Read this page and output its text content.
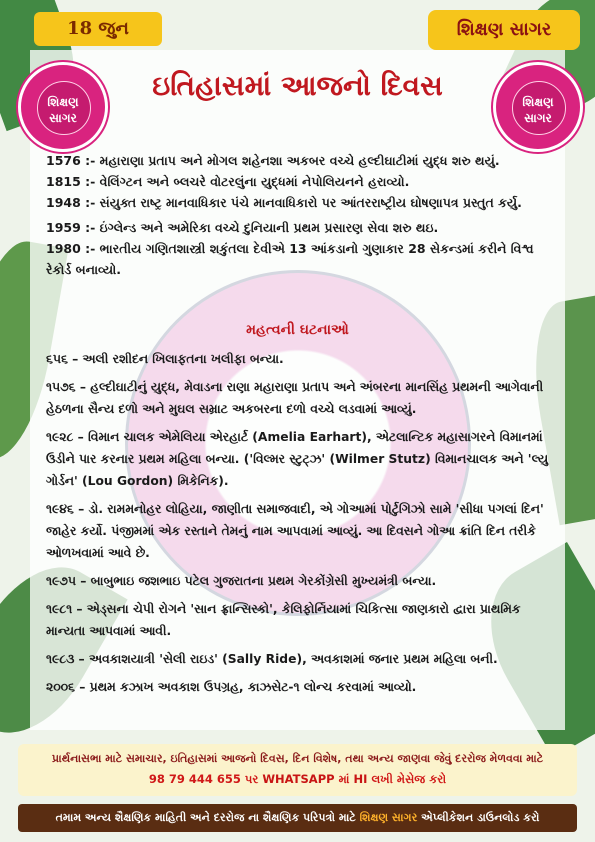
18 જુન	શિક્ષણ સાગર
શિક્ષણ
સાગર
શિક્ષણ
સાગર
ઇતિહાસમાં આજનો દિવસ
1576 :- મહારાણા પ્રતાપ અને મોગલ શહેનશા અકબર વચ્ચે હલ્દીઘાટીમાં યુદ્ધ શરુ થયું.
1815 :- વેલિંગ્ટન અને બ્લચરે વોટરલુંના યુદ્ધમાં નેપોલિયનને હરાવ્યો.
1948 :- સંયુક્ત રાષ્ટ્ર માનવાધિકાર પંચે માનવાધિકારો પર આંતરરાષ્ટ્રીય ઘોષણાપત્ર પ્રસ્તુત કર્યુ.
1959 :- ઇંગ્લેન્ડ અને અમેરિકા વચ્ચે દુનિયાની પ્રથમ પ્રસારણ સેવા શરુ થઇ.
1980 :- ભારતીય ગણિતશાસ્ત્રી શકુંતલા દેવીએ 13 આંકડાનો ગુણાકાર 28 સેકન્ડમાં કરીને વિશ્વ રેકોર્ડ બનાવ્યો.
મહત્વની ઘટનાઓ
૬૫૬ – અલી રશીદન ખિલાફતના ખલીફા બન્યા.
૧૫૭૬ – હલ્દીઘાટીનું યુદ્ધ, મેવાડના રાણા મહારાણા પ્રતાપ અને અંબરના માનસિંહ પ્રથમની આગેવાની હેઠળના સૈન્ય દળો અને મુઘલ સમ્રાટ અકબરના દળો વચ્ચે લડવામાં આવ્યું.
૧૯૨૮ – વિમાન ચાલક એમેલિયા એરહાર્ટ (Amelia Earhart), એટલાન્ટિક મહાસાગરને વિમાનમાં ઉડીને પાર કરનાર પ્રથમ મહિલા બન્યા. ('વિલ્મર સ્ટુટ્ઝ' (Wilmer Stutz) વિમાનચાલક અને 'લ્યુ ગોર્ડન' (Lou Gordon) મિકેનિક).
૧૯૪૬ – ડો. રામમનોહર લોહિયા, જાણીતા સમાજવાદી, એ ગોઆમાં પોર્ટુગિઝો સામે 'સીધા પગલાં દિન' જાહેર કર્યો. પંજીમમાં એક રસ્તાને તેમનું નામ આપવામાં આવ્યું. આ દિવસને ગોઆ ક્રાંતિ દિન તરીકે ઓળખવામાં આવે છે.
૧૯૭૫ – બાબુભાઇ જશભાઇ પટેલ ગુજરાતના પ્રથમ ગેરકોંગ્રેસી મુખ્યમંત્રી બન્યા.
૧૯૮૧ – એડ્સના ચેપી રોગને 'સાન ફ્રાન્સિસ્કો', કેલિફોર્નિયામાં ચિકિત્સા જાણકારો દ્વારા પ્રાથમિક માન્યતા આપવામાં આવી.
૧૯૮૩ – અવકાશયાત્રી 'સેલી રાઇડ' (Sally Ride), અવકાશમાં જનાર પ્રથમ મહિલા બની.
૨૦૦૬ – પ્રથમ કઝાખ અવકાશ ઉપગ્રહ, કાઝસેટ-૧ લોન્ચ કરવામાં આવ્યો.
પ્રાર્થનાસભા માટે સમાચાર, ઇતિહાસમાં આજનો દિવસ, દિન વિશેષ, તથા અન્ય જાણવા જેવું દરરોજ મેળવવા માટે
98 79 444 655 પર WHATSAPP માં HI લખી મેસેજ કરો
તમામ અન્ય શૈક્ષણિક માહિતી અને દરરોજ ના શૈક્ષણિક પરિપત્રો માટે શિક્ષણ સાગર એપ્લીકેશન ડાઉનલોડ કરો
